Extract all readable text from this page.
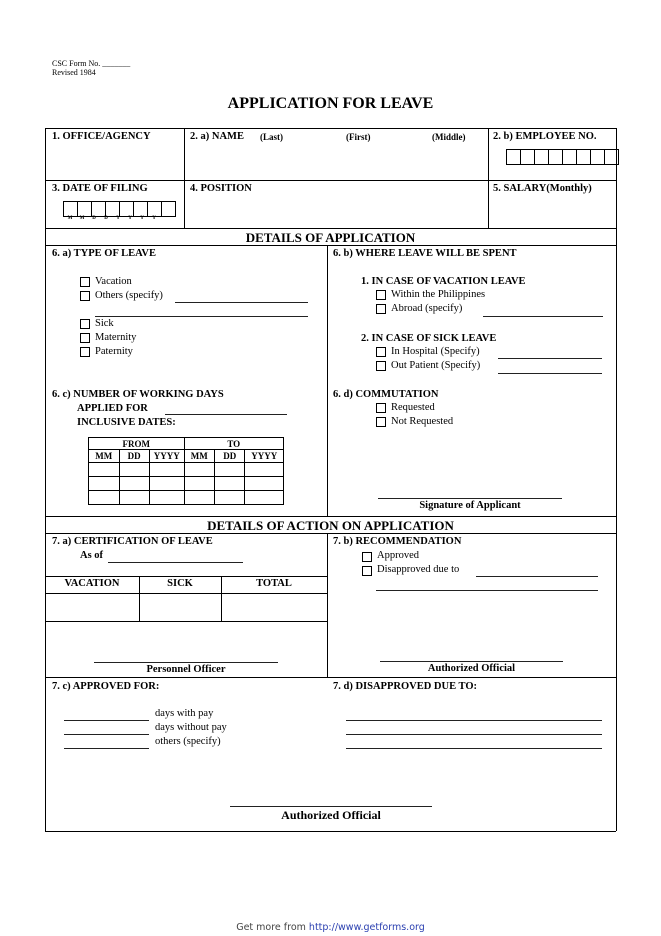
CSC Form No. _______
Revised 1984
APPLICATION FOR LEAVE
1. OFFICE/AGENCY	2. a) NAME (Last)	(First)	(Middle)	2. b) EMPLOYEE NO.
3. DATE OF FILING
M	M	D	D	Y	Y	Y	Y
4. POSITION	5. SALARY(Monthly)
DETAILS OF APPLICATION
6. a) TYPE OF LEAVE
Vacation
Others (specify)
Sick
Maternity
Paternity
6. b) WHERE LEAVE WILL BE SPENT
1. IN CASE OF VACATION LEAVE
Within the Philippines
Abroad (specify)
2. IN CASE OF SICK LEAVE
In Hospital (Specify)
Out Patient (Specify)
6. c) NUMBER OF WORKING DAYS
APPLIED FOR
INCLUSIVE DATES:
FROM			TO		
MM	DD	YYYY	MM	DD	YYYY

6. d) COMMUTATION
Requested
Not Requested
Signature of Applicant
DETAILS OF ACTION ON APPLICATION
7. a) CERTIFICATION OF LEAVE
As of
VACATION	SICK	TOTAL
Personnel Officer
7. b) RECOMMENDATION
Approved
Disapproved due to
Authorized Official
7. c) APPROVED FOR:
days with pay
days without pay
others (specify)
7. d) DISAPPROVED DUE TO:
Authorized Official
Get more from http://www.getforms.org
